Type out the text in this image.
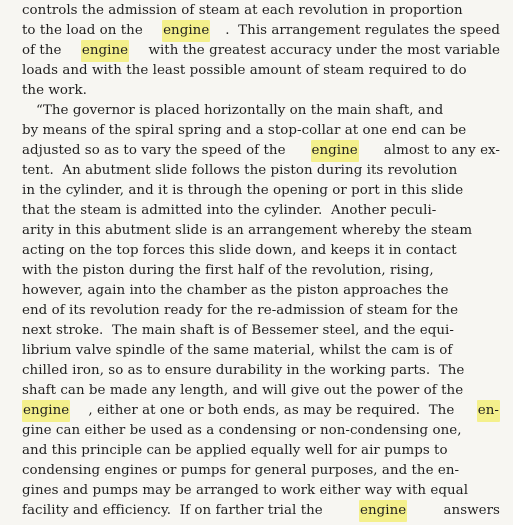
controls the admission of steam at each revolution in proportion
to the load on the engine .  This arrangement regulates the speed
of the engine with the greatest accuracy under the most variable
loads and with the least possible amount of steam required to do
the work.
“The governor is placed horizontally on the main shaft, and
by means of the spiral spring and a stop-collar at one end can be
adjusted so as to vary the speed of the engine almost to any ex-
tent.  An abutment slide follows the piston during its revolution
in the cylinder, and it is through the opening or port in this slide
that the steam is admitted into the cylinder.  Another peculi-
arity in this abutment slide is an arrangement whereby the steam
acting on the top forces this slide down, and keeps it in contact
with the piston during the first half of the revolution, rising,
however, again into the chamber as the piston approaches the
end of its revolution ready for the re-admission of steam for the
next stroke.  The main shaft is of Bessemer steel, and the equi-
librium valve spindle of the same material, whilst the cam is of
chilled iron, so as to ensure durability in the working parts.  The
shaft can be made any length, and will give out the power of the
engine , either at one or both ends, as may be required.  The en-
gine can either be used as a condensing or non-condensing one,
and this principle can be applied equally well for air pumps to
condensing engines or pumps for general purposes, and the en-
gines and pumps may be arranged to work either way with equal
facility and efficiency.  If on farther trial the engine answers
